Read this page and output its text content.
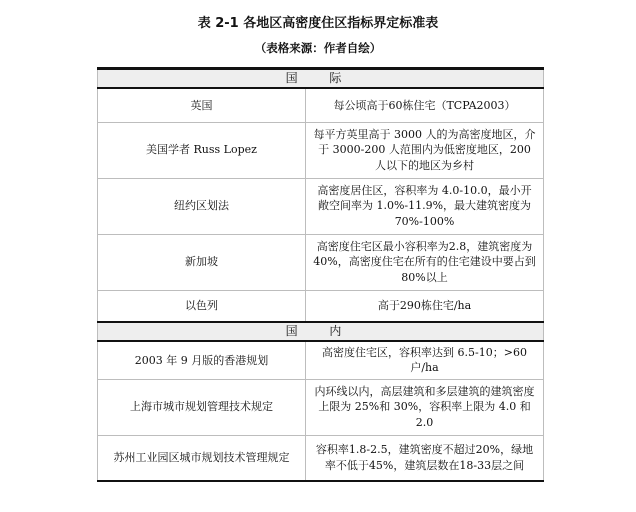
表 2-1 各地区高密度住区指标界定标准表
（表格来源：作者自绘）
国 际	
英国	每公顷高于60栋住宅（TCPA2003）
美国学者 Russ Lopez	每平方英里高于 3000 人的为高密度地区，介于 3000-200 人范围内为低密度地区，200 人以下的地区为乡村
纽约区划法	高密度居住区，容积率为 4.0-10.0，最小开敞空间率为 1.0%-11.9%，最大建筑密度为 70%-100%
新加坡	高密度住宅区最小容积率为2.8，建筑密度为 40%，高密度住宅在所有的住宅建设中要占到 80%以上
以色列	高于290栋住宅/ha
国 内	
2003 年 9 月版的香港规划	高密度住宅区，容积率达到 6.5-10；>60户/ha
上海市城市规划管理技术规定	内环线以内，高层建筑和多层建筑的建筑密度上限为 25%和 30%，容积率上限为 4.0 和 2.0
苏州工业园区城市规划技术管理规定	容积率1.8-2.5，建筑密度不超过20%，绿地率不低于45%，建筑层数在18-33层之间
